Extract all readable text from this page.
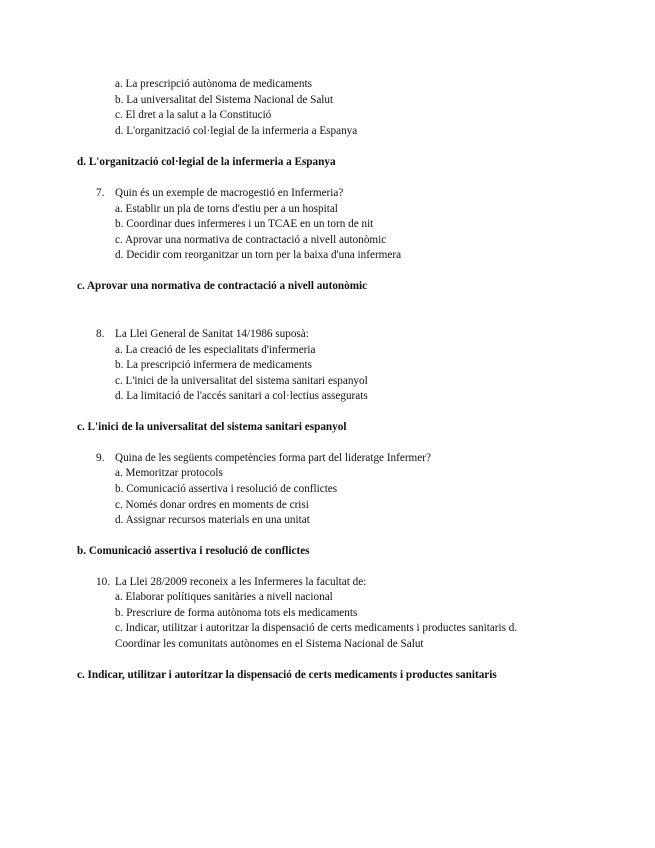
a. La prescripció autònoma de medicaments
b. La universalitat del Sistema Nacional de Salut
c. El dret a la salut a la Constitució
d. L'organització col·legial de la infermeria a Espanya
d. L'organització col·legial de la infermeria a Espanya
7. Quin és un exemple de macrogestió en Infermeria?
a. Establir un pla de torns d'estiu per a un hospital
b. Coordinar dues infermeres i un TCAE en un torn de nit
c. Aprovar una normativa de contractació a nivell autonòmic
d. Decidir com reorganitzar un torn per la baixa d'una infermera
c. Aprovar una normativa de contractació a nivell autonòmic
8. La Llei General de Sanitat 14/1986 suposà:
a. La creació de les especialitats d'infermeria
b. La prescripció infermera de medicaments
c. L'inici de la universalitat del sistema sanitari espanyol
d. La limitació de l'accés sanitari a col·lectius assegurats
c. L'inici de la universalitat del sistema sanitari espanyol
9. Quina de les següents competències forma part del lideratge Infermer?
a. Memoritzar protocols
b. Comunicació assertiva i resolució de conflictes
c. Només donar ordres en moments de crisi
d. Assignar recursos materials en una unitat
b. Comunicació assertiva i resolució de conflictes
10. La Llei 28/2009 reconeix a les Infermeres la facultat de:
a. Elaborar polítiques sanitàries a nivell nacional
b. Prescriure de forma autònoma tots els medicaments
c. Indicar, utilitzar i autoritzar la dispensació de certs medicaments i productes sanitaris d.
Coordinar les comunitats autònomes en el Sistema Nacional de Salut
c. Indicar, utilitzar i autoritzar la dispensació de certs medicaments i productes sanitaris
